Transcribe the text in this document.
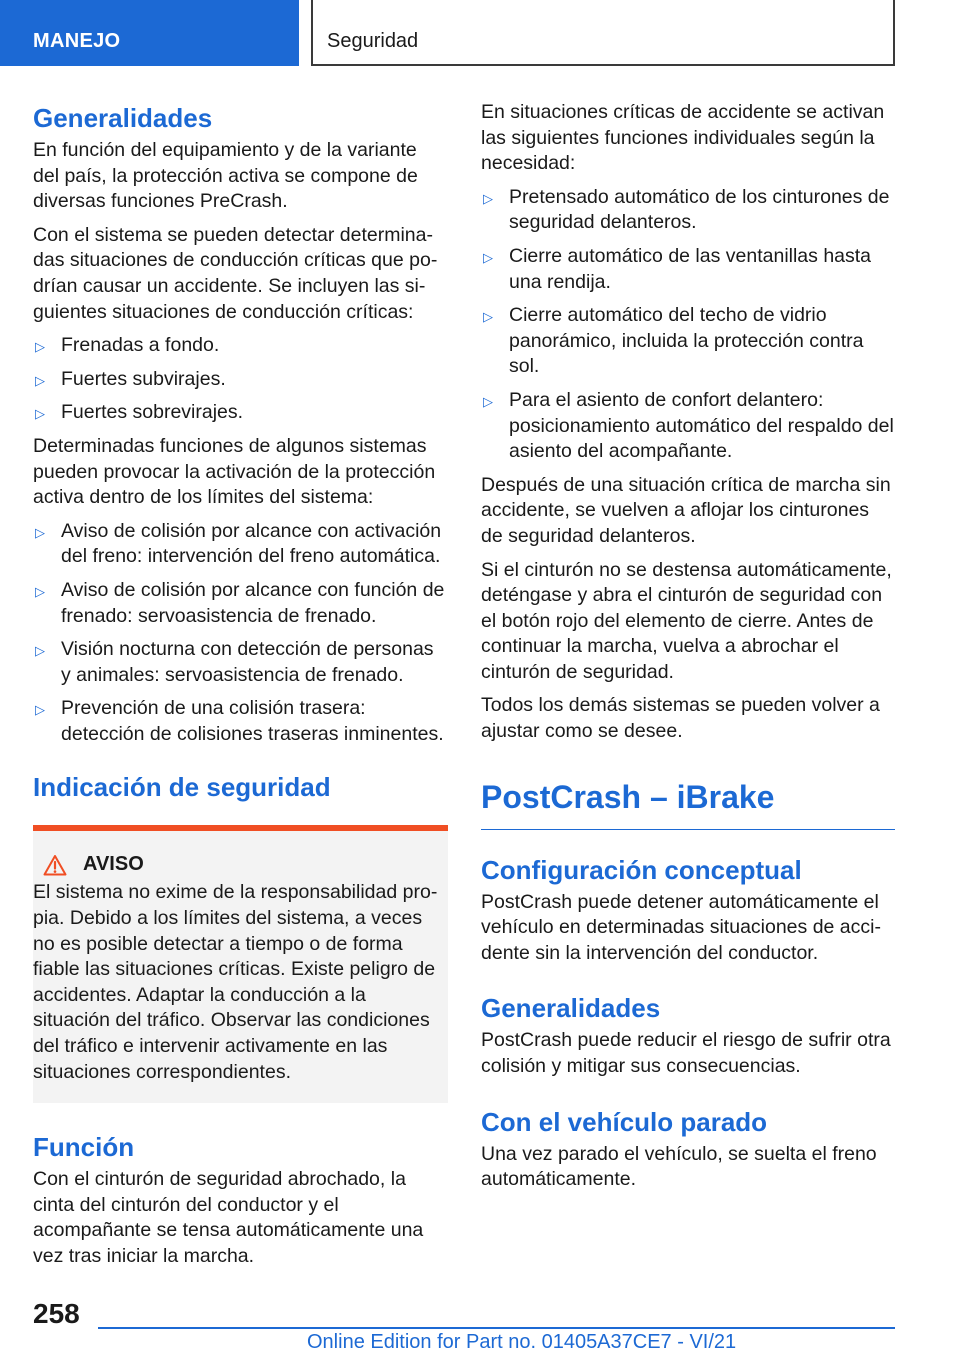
MANEJO	Seguridad
Generalidades

En función del equipamiento y de la variante del país, la protección activa se compone de diversas funciones PreCrash.

Con el sistema se pueden detectar determinadas situaciones de conducción críticas que podrían causar un accidente. Se incluyen las siguientes situaciones de conducción críticas:

▷ Frenadas a fondo.
▷ Fuertes subvirajes.
▷ Fuertes sobrevirajes.

Determinadas funciones de algunos sistemas pueden provocar la activación de la protección activa dentro de los límites del sistema:

▷ Aviso de colisión por alcance con activación del freno: intervención del freno automática.
▷ Aviso de colisión por alcance con función de frenado: servoasistencia de frenado.
▷ Visión nocturna con detección de personas y animales: servoasistencia de frenado.
▷ Prevención de una colisión trasera: detección de colisiones traseras inminentes.
Indicación de seguridad
AVISO

El sistema no exime de la responsabilidad propia. Debido a los límites del sistema, a veces no es posible detectar a tiempo o de forma fiable las situaciones críticas. Existe peligro de accidentes. Adaptar la conducción a la situación del tráfico. Observar las condiciones del tráfico e intervenir activamente en las situaciones correspondientes.

Función

Con el cinturón de seguridad abrochado, la cinta del cinturón del conductor y el acompañante se tensa automáticamente una vez tras iniciar la marcha.

En situaciones críticas de accidente se activan las siguientes funciones individuales según la necesidad:

▷ Pretensado automático de los cinturones de seguridad delanteros.
▷ Cierre automático de las ventanillas hasta una rendija.
▷ Cierre automático del techo de vidrio panorámico, incluida la protección contra sol.
▷ Para el asiento de confort delantero: posicionamiento automático del respaldo del asiento del acompañante.

Después de una situación crítica de marcha sin accidente, se vuelven a aflojar los cinturones de seguridad delanteros.

Si el cinturón no se destensa automáticamente, deténgase y abra el cinturón de seguridad con el botón rojo del elemento de cierre. Antes de continuar la marcha, vuelva a abrochar el cinturón de seguridad.

Todos los demás sistemas se pueden volver a ajustar como se desee.

PostCrash – iBrake
Configuración conceptual

PostCrash puede detener automáticamente el vehículo en determinadas situaciones de accidente sin la intervención del conductor.

Generalidades

PostCrash puede reducir el riesgo de sufrir otra colisión y mitigar sus consecuencias.

Con el vehículo parado

Una vez parado el vehículo, se suelta el freno automáticamente.

258
Online Edition for Part no. 01405A37CE7 - VI/21
